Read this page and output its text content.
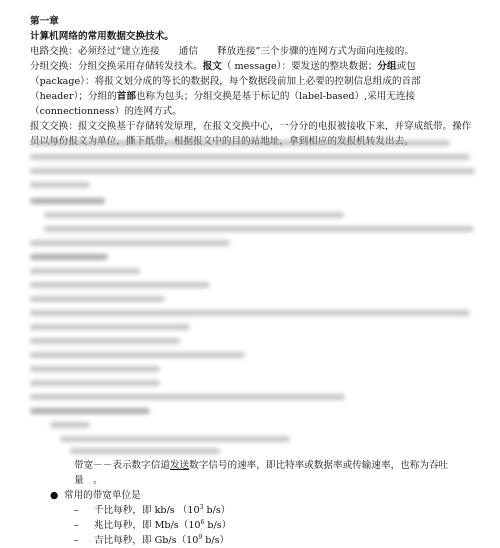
第一章

计算机网络的常用数据交换技术。

电路交换：必须经过“建立连接　　通信　　释放连接”三个步骤的连网方式为面向连接的。

分组交换：分组交换采用存储转发技术。报文（ message）：要发送的整块数据；分组或包（package）：将报文划分成的等长的数据段，每个数据段前加上必要的控制信息组成的首部（header）；分组的首部也称为包头；分组交换是基于标记的（label-based）,采用无连接（connectionness）的连网方式。

报文交换：报文交换基于存储转发原理，在报文交换中心，一分分的电报被接收下来，并穿成纸带。操作

带宽－－表示数字信道发送数字信号的速率，即比特率或数据率或传输速率，也称为吞吐量　。

● 常用的带宽单位是

– 千比每秒，即 kb/s （$10^3$ b/s）

– 兆比每秒，即 $Mb/s(10^6$ b/s）

– 吉比每秒，即 $Gb/s(10^9$ b/s）
